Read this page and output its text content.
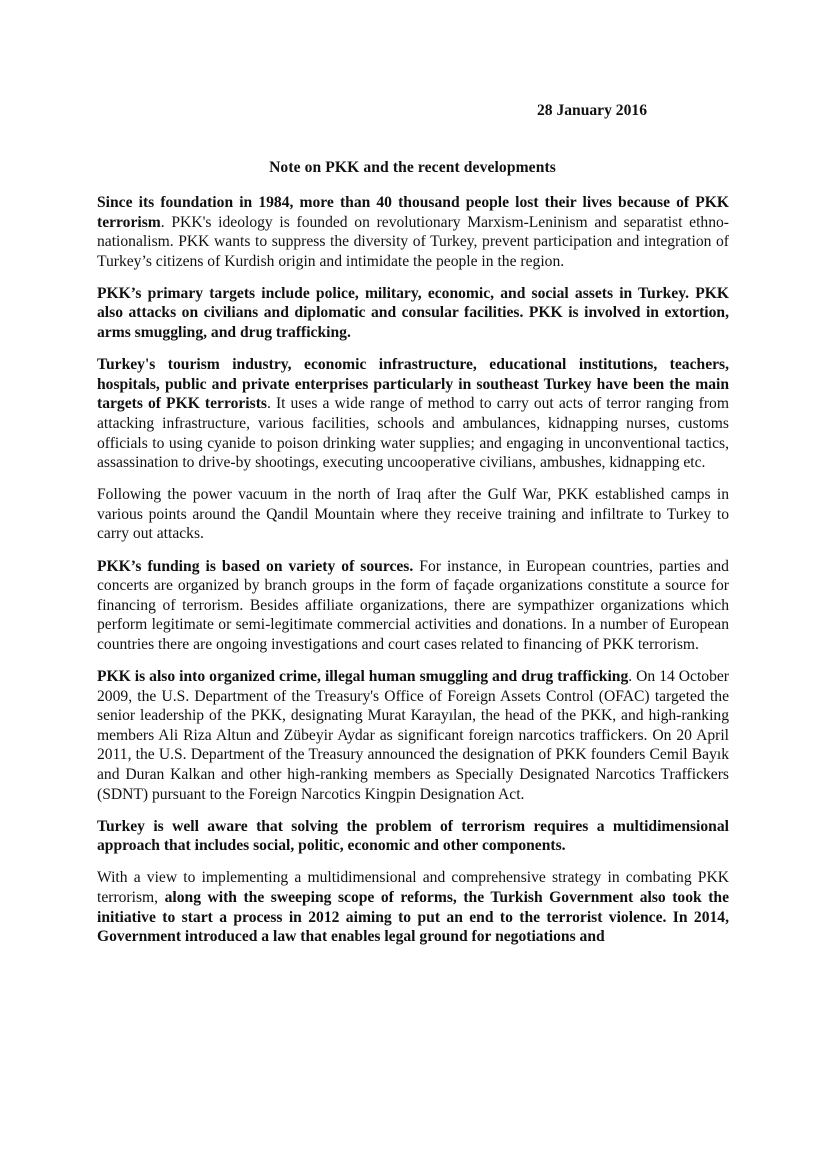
28 January 2016
Note on PKK and the recent developments

Since its foundation in 1984, more than 40 thousand people lost their lives because of PKK terrorism. PKK's ideology is founded on revolutionary Marxism-Leninism and separatist ethno-nationalism. PKK wants to suppress the diversity of Turkey, prevent participation and integration of Turkey’s citizens of Kurdish origin and intimidate the people in the region.

PKK’s primary targets include police, military, economic, and social assets in Turkey. PKK also attacks on civilians and diplomatic and consular facilities. PKK is involved in extortion, arms smuggling, and drug trafficking.

Turkey's tourism industry, economic infrastructure, educational institutions, teachers, hospitals, public and private enterprises particularly in southeast Turkey have been the main targets of PKK terrorists. It uses a wide range of method to carry out acts of terror ranging from attacking infrastructure, various facilities, schools and ambulances, kidnapping nurses, customs officials to using cyanide to poison drinking water supplies; and engaging in unconventional tactics, assassination to drive-by shootings, executing uncooperative civilians, ambushes, kidnapping etc.

Following the power vacuum in the north of Iraq after the Gulf War, PKK established camps in various points around the Qandil Mountain where they receive training and infiltrate to Turkey to carry out attacks.

PKK’s funding is based on variety of sources. For instance, in European countries, parties and concerts are organized by branch groups in the form of façade organizations constitute a source for financing of terrorism. Besides affiliate organizations, there are sympathizer organizations which perform legitimate or semi-legitimate commercial activities and donations. In a number of European countries there are ongoing investigations and court cases related to financing of PKK terrorism.

PKK is also into organized crime, illegal human smuggling and drug trafficking. On 14 October 2009, the U.S. Department of the Treasury's Office of Foreign Assets Control (OFAC) targeted the senior leadership of the PKK, designating Murat Karayılan, the head of the PKK, and high-ranking members Ali Riza Altun and Zübeyir Aydar as significant foreign narcotics traffickers. On 20 April 2011, the U.S. Department of the Treasury announced the designation of PKK founders Cemil Bayık and Duran Kalkan and other high-ranking members as Specially Designated Narcotics Traffickers (SDNT) pursuant to the Foreign Narcotics Kingpin Designation Act.

Turkey is well aware that solving the problem of terrorism requires a multidimensional approach that includes social, politic, economic and other components.

With a view to implementing a multidimensional and comprehensive strategy in combating PKK terrorism, along with the sweeping scope of reforms, the Turkish Government also took the initiative to start a process in 2012 aiming to put an end to the terrorist violence. In 2014, Government introduced a law that enables legal ground for negotiations and
